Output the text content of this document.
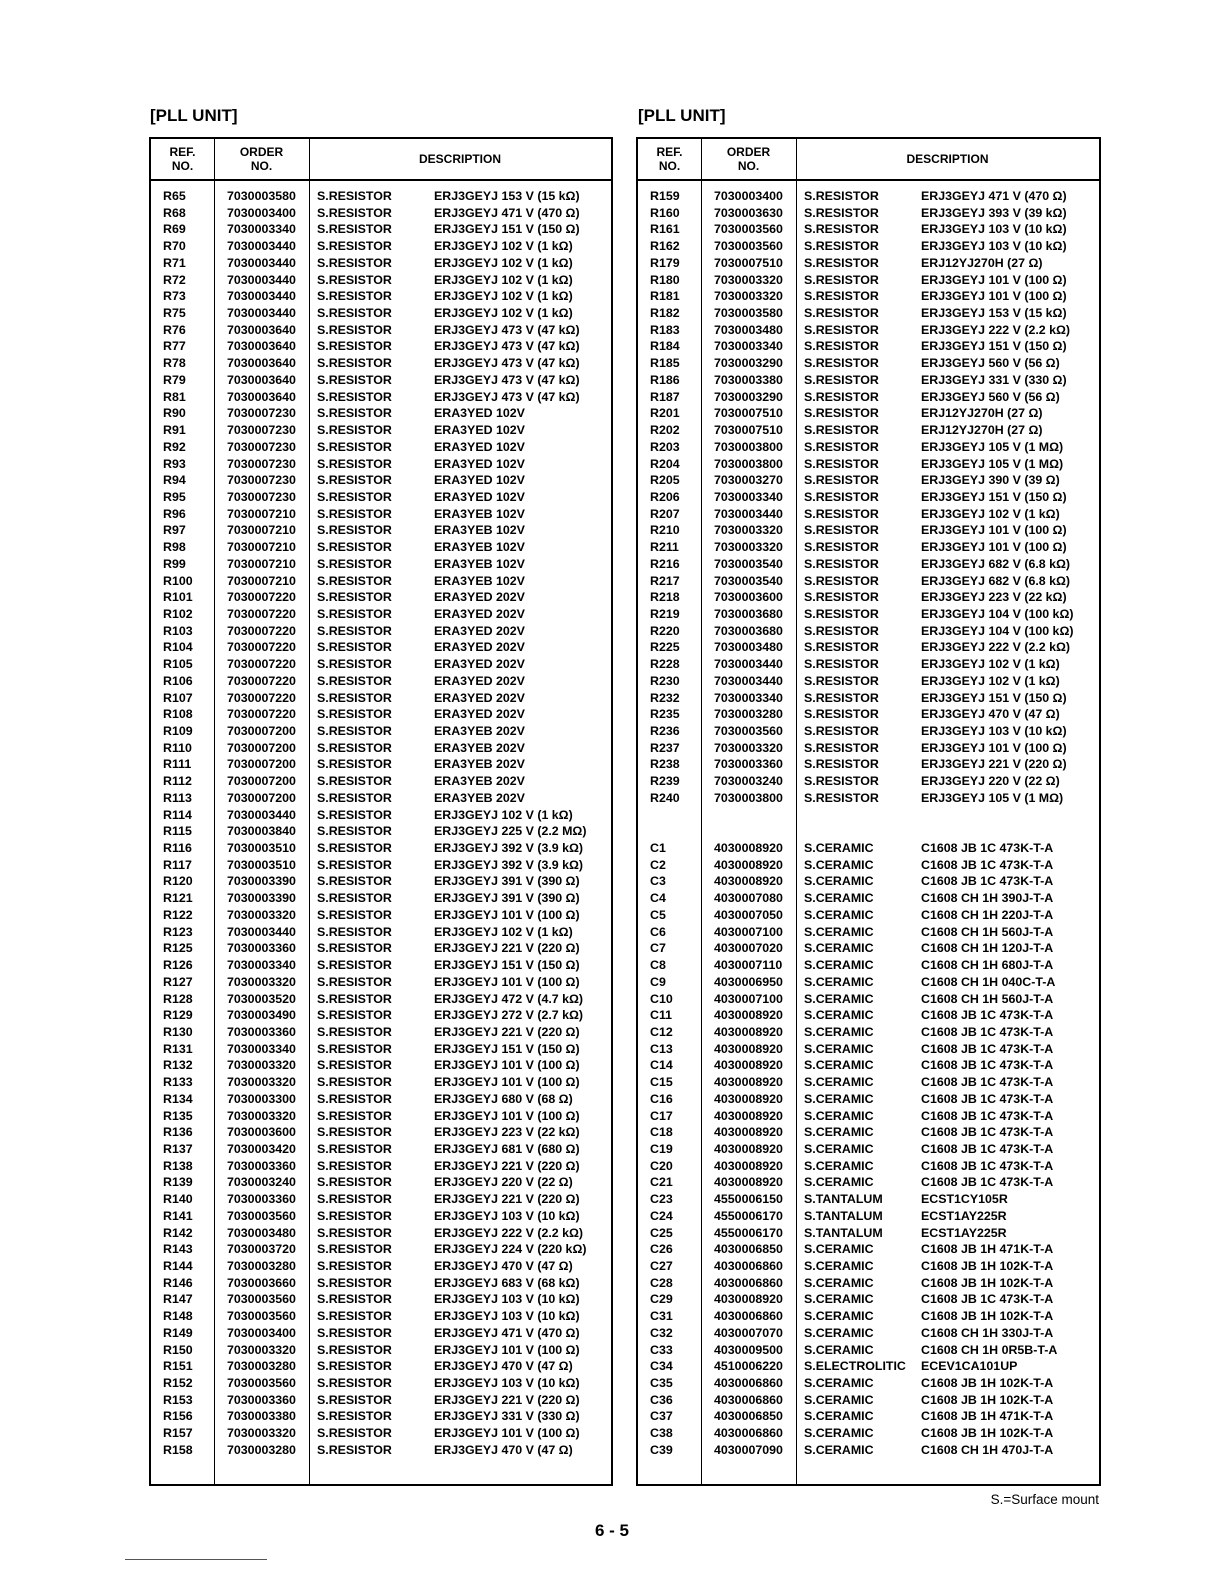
[PLL UNIT]
REF.
NO.
ORDER
NO.	DESCRIPTION
R65	7030003580 S.RESISTOR	ERJ3GEYJ 153 V (15 kΩ)
R68	7030003400 S.RESISTOR	ERJ3GEYJ 471 V (470 Ω)
R69	7030003340 S.RESISTOR	ERJ3GEYJ 151 V (150 Ω)
R70	7030003440 S.RESISTOR	ERJ3GEYJ 102 V (1 kΩ)
R71	7030003440 S.RESISTOR	ERJ3GEYJ 102 V (1 kΩ)
R72	7030003440 S.RESISTOR	ERJ3GEYJ 102 V (1 kΩ)
R73	7030003440 S.RESISTOR	ERJ3GEYJ 102 V (1 kΩ)
R75	7030003440 S.RESISTOR	ERJ3GEYJ 102 V (1 kΩ)
R76	7030003640 S.RESISTOR	ERJ3GEYJ 473 V (47 kΩ)
R77	7030003640 S.RESISTOR	ERJ3GEYJ 473 V (47 kΩ)
R78	7030003640 S.RESISTOR	ERJ3GEYJ 473 V (47 kΩ)
R79	7030003640 S.RESISTOR	ERJ3GEYJ 473 V (47 kΩ)
R81	7030003640 S.RESISTOR	ERJ3GEYJ 473 V (47 kΩ)
R90	7030007230 S.RESISTOR	ERA3YED 102V
R91	7030007230 S.RESISTOR	ERA3YED 102V
R92	7030007230 S.RESISTOR	ERA3YED 102V
R93	7030007230 S.RESISTOR	ERA3YED 102V
R94	7030007230 S.RESISTOR	ERA3YED 102V
R95	7030007230 S.RESISTOR	ERA3YED 102V
R96	7030007210 S.RESISTOR	ERA3YEB 102V
R97	7030007210 S.RESISTOR	ERA3YEB 102V
R98	7030007210 S.RESISTOR	ERA3YEB 102V
R99	7030007210 S.RESISTOR	ERA3YEB 102V
R100	7030007210 S.RESISTOR	ERA3YEB 102V
R101	7030007220 S.RESISTOR	ERA3YED 202V
R102	7030007220 S.RESISTOR	ERA3YED 202V
R103	7030007220 S.RESISTOR	ERA3YED 202V
R104	7030007220 S.RESISTOR	ERA3YED 202V
R105	7030007220 S.RESISTOR	ERA3YED 202V
R106	7030007220 S.RESISTOR	ERA3YED 202V
R107	7030007220 S.RESISTOR	ERA3YED 202V
R108	7030007220 S.RESISTOR	ERA3YED 202V
R109	7030007200 S.RESISTOR	ERA3YEB 202V
R110	7030007200 S.RESISTOR	ERA3YEB 202V
R111	7030007200 S.RESISTOR	ERA3YEB 202V
R112	7030007200 S.RESISTOR	ERA3YEB 202V
R113	7030007200 S.RESISTOR	ERA3YEB 202V
R114	7030003440 S.RESISTOR	ERJ3GEYJ 102 V (1 kΩ)
R115	7030003840 S.RESISTOR	ERJ3GEYJ 225 V (2.2 MΩ)
R116	7030003510 S.RESISTOR	ERJ3GEYJ 392 V (3.9 kΩ)
R117	7030003510 S.RESISTOR	ERJ3GEYJ 392 V (3.9 kΩ)
R120	7030003390 S.RESISTOR	ERJ3GEYJ 391 V (390 Ω)
R121	7030003390 S.RESISTOR	ERJ3GEYJ 391 V (390 Ω)
R122	7030003320 S.RESISTOR	ERJ3GEYJ 101 V (100 Ω)
R123	7030003440 S.RESISTOR	ERJ3GEYJ 102 V (1 kΩ)
R125	7030003360 S.RESISTOR	ERJ3GEYJ 221 V (220 Ω)
R126	7030003340 S.RESISTOR	ERJ3GEYJ 151 V (150 Ω)
R127	7030003320 S.RESISTOR	ERJ3GEYJ 101 V (100 Ω)
R128	7030003520 S.RESISTOR	ERJ3GEYJ 472 V (4.7 kΩ)
R129	7030003490 S.RESISTOR	ERJ3GEYJ 272 V (2.7 kΩ)
R130	7030003360 S.RESISTOR	ERJ3GEYJ 221 V (220 Ω)
R131	7030003340 S.RESISTOR	ERJ3GEYJ 151 V (150 Ω)
R132	7030003320 S.RESISTOR	ERJ3GEYJ 101 V (100 Ω)
R133	7030003320 S.RESISTOR	ERJ3GEYJ 101 V (100 Ω)
R134	7030003300 S.RESISTOR	ERJ3GEYJ 680 V (68 Ω)
R135	7030003320 S.RESISTOR	ERJ3GEYJ 101 V (100 Ω)
R136	7030003600 S.RESISTOR	ERJ3GEYJ 223 V (22 kΩ)
R137	7030003420 S.RESISTOR	ERJ3GEYJ 681 V (680 Ω)
R138	7030003360 S.RESISTOR	ERJ3GEYJ 221 V (220 Ω)
R139	7030003240 S.RESISTOR	ERJ3GEYJ 220 V (22 Ω)
R140	7030003360 S.RESISTOR	ERJ3GEYJ 221 V (220 Ω)
R141	7030003560 S.RESISTOR	ERJ3GEYJ 103 V (10 kΩ)
R142	7030003480 S.RESISTOR	ERJ3GEYJ 222 V (2.2 kΩ)
R143	7030003720 S.RESISTOR	ERJ3GEYJ 224 V (220 kΩ)
R144	7030003280 S.RESISTOR	ERJ3GEYJ 470 V (47 Ω)
R146	7030003660 S.RESISTOR	ERJ3GEYJ 683 V (68 kΩ)
R147	7030003560 S.RESISTOR	ERJ3GEYJ 103 V (10 kΩ)
R148	7030003560 S.RESISTOR	ERJ3GEYJ 103 V (10 kΩ)
R149	7030003400 S.RESISTOR	ERJ3GEYJ 471 V (470 Ω)
R150	7030003320 S.RESISTOR	ERJ3GEYJ 101 V (100 Ω)
R151	7030003280 S.RESISTOR	ERJ3GEYJ 470 V (47 Ω)
R152	7030003560 S.RESISTOR	ERJ3GEYJ 103 V (10 kΩ)
R153	7030003360 S.RESISTOR	ERJ3GEYJ 221 V (220 Ω)
R156	7030003380 S.RESISTOR	ERJ3GEYJ 331 V (330 Ω)
R157	7030003320 S.RESISTOR	ERJ3GEYJ 101 V (100 Ω)
R158	7030003280 S.RESISTOR	ERJ3GEYJ 470 V (47 Ω)
[PLL UNIT]
REF.
NO.
ORDER
NO.	DESCRIPTION
R159	7030003400 S.RESISTOR	ERJ3GEYJ 471 V (470 Ω)
R160	7030003630 S.RESISTOR	ERJ3GEYJ 393 V (39 kΩ)
R161	7030003560 S.RESISTOR	ERJ3GEYJ 103 V (10 kΩ)
R162	7030003560 S.RESISTOR	ERJ3GEYJ 103 V (10 kΩ)
R179	7030007510 S.RESISTOR	ERJ12YJ270H (27 Ω)
R180	7030003320 S.RESISTOR	ERJ3GEYJ 101 V (100 Ω)
R181	7030003320 S.RESISTOR	ERJ3GEYJ 101 V (100 Ω)
R182	7030003580 S.RESISTOR	ERJ3GEYJ 153 V (15 kΩ)
R183	7030003480 S.RESISTOR	ERJ3GEYJ 222 V (2.2 kΩ)
R184	7030003340 S.RESISTOR	ERJ3GEYJ 151 V (150 Ω)
R185	7030003290 S.RESISTOR	ERJ3GEYJ 560 V (56 Ω)
R186	7030003380 S.RESISTOR	ERJ3GEYJ 331 V (330 Ω)
R187	7030003290 S.RESISTOR	ERJ3GEYJ 560 V (56 Ω)
R201	7030007510 S.RESISTOR	ERJ12YJ270H (27 Ω)
R202	7030007510 S.RESISTOR	ERJ12YJ270H (27 Ω)
R203	7030003800 S.RESISTOR	ERJ3GEYJ 105 V (1 MΩ)
R204	7030003800 S.RESISTOR	ERJ3GEYJ 105 V (1 MΩ)
R205	7030003270 S.RESISTOR	ERJ3GEYJ 390 V (39 Ω)
R206	7030003340 S.RESISTOR	ERJ3GEYJ 151 V (150 Ω)
R207	7030003440 S.RESISTOR	ERJ3GEYJ 102 V (1 kΩ)
R210	7030003320 S.RESISTOR	ERJ3GEYJ 101 V (100 Ω)
R211	7030003320 S.RESISTOR	ERJ3GEYJ 101 V (100 Ω)
R216	7030003540 S.RESISTOR	ERJ3GEYJ 682 V (6.8 kΩ)
R217	7030003540 S.RESISTOR	ERJ3GEYJ 682 V (6.8 kΩ)
R218	7030003600 S.RESISTOR	ERJ3GEYJ 223 V (22 kΩ)
R219	7030003680 S.RESISTOR	ERJ3GEYJ 104 V (100 kΩ)
R220	7030003680 S.RESISTOR	ERJ3GEYJ 104 V (100 kΩ)
R225	7030003480 S.RESISTOR	ERJ3GEYJ 222 V (2.2 kΩ)
R228	7030003440 S.RESISTOR	ERJ3GEYJ 102 V (1 kΩ)
R230	7030003440 S.RESISTOR	ERJ3GEYJ 102 V (1 kΩ)
R232	7030003340 S.RESISTOR	ERJ3GEYJ 151 V (150 Ω)
R235	7030003280 S.RESISTOR	ERJ3GEYJ 470 V (47 Ω)
R236	7030003560 S.RESISTOR	ERJ3GEYJ 103 V (10 kΩ)
R237	7030003320 S.RESISTOR	ERJ3GEYJ 101 V (100 Ω)
R238	7030003360 S.RESISTOR	ERJ3GEYJ 221 V (220 Ω)
R239	7030003240 S.RESISTOR	ERJ3GEYJ 220 V (22 Ω)
R240	7030003800 S.RESISTOR	ERJ3GEYJ 105 V (1 MΩ)
C1	4030008920 S.CERAMIC	C1608 JB 1C 473K-T-A
C2	4030008920 S.CERAMIC	C1608 JB 1C 473K-T-A
C3	4030008920 S.CERAMIC	C1608 JB 1C 473K-T-A
C4	4030007080 S.CERAMIC	C1608 CH 1H 390J-T-A
C5	4030007050 S.CERAMIC	C1608 CH 1H 220J-T-A
C6	4030007100 S.CERAMIC	C1608 CH 1H 560J-T-A
C7	4030007020 S.CERAMIC	C1608 CH 1H 120J-T-A
C8	4030007110 S.CERAMIC	C1608 CH 1H 680J-T-A
C9	4030006950 S.CERAMIC	C1608 CH 1H 040C-T-A
C10	4030007100 S.CERAMIC	C1608 CH 1H 560J-T-A
C11	4030008920 S.CERAMIC	C1608 JB 1C 473K-T-A
C12	4030008920 S.CERAMIC	C1608 JB 1C 473K-T-A
C13	4030008920 S.CERAMIC	C1608 JB 1C 473K-T-A
C14	4030008920 S.CERAMIC	C1608 JB 1C 473K-T-A
C15	4030008920 S.CERAMIC	C1608 JB 1C 473K-T-A
C16	4030008920 S.CERAMIC	C1608 JB 1C 473K-T-A
C17	4030008920 S.CERAMIC	C1608 JB 1C 473K-T-A
C18	4030008920 S.CERAMIC	C1608 JB 1C 473K-T-A
C19	4030008920 S.CERAMIC	C1608 JB 1C 473K-T-A
C20	4030008920 S.CERAMIC	C1608 JB 1C 473K-T-A
C21	4030008920 S.CERAMIC	C1608 JB 1C 473K-T-A
C23	4550006150 S.TANTALUM	ECST1CY105R
C24	4550006170 S.TANTALUM	ECST1AY225R
C25	4550006170 S.TANTALUM	ECST1AY225R
C26	4030006850 S.CERAMIC	C1608 JB 1H 471K-T-A
C27	4030006860 S.CERAMIC	C1608 JB 1H 102K-T-A
C28	4030006860 S.CERAMIC	C1608 JB 1H 102K-T-A
C29	4030008920 S.CERAMIC	C1608 JB 1C 473K-T-A
C31	4030006860 S.CERAMIC	C1608 JB 1H 102K-T-A
C32	4030007070 S.CERAMIC	C1608 CH 1H 330J-T-A
C33	4030009500 S.CERAMIC	C1608 CH 1H 0R5B-T-A
C34	4510006220 S.ELECTROLITIC ECEV1CA101UP
C35	4030006860 S.CERAMIC	C1608 JB 1H 102K-T-A
C36	4030006860 S.CERAMIC	C1608 JB 1H 102K-T-A
C37	4030006850 S.CERAMIC	C1608 JB 1H 471K-T-A
C38	4030006860 S.CERAMIC	C1608 JB 1H 102K-T-A
C39	4030007090 S.CERAMIC	C1608 CH 1H 470J-T-A
S.=Surface mount
6 - 5
